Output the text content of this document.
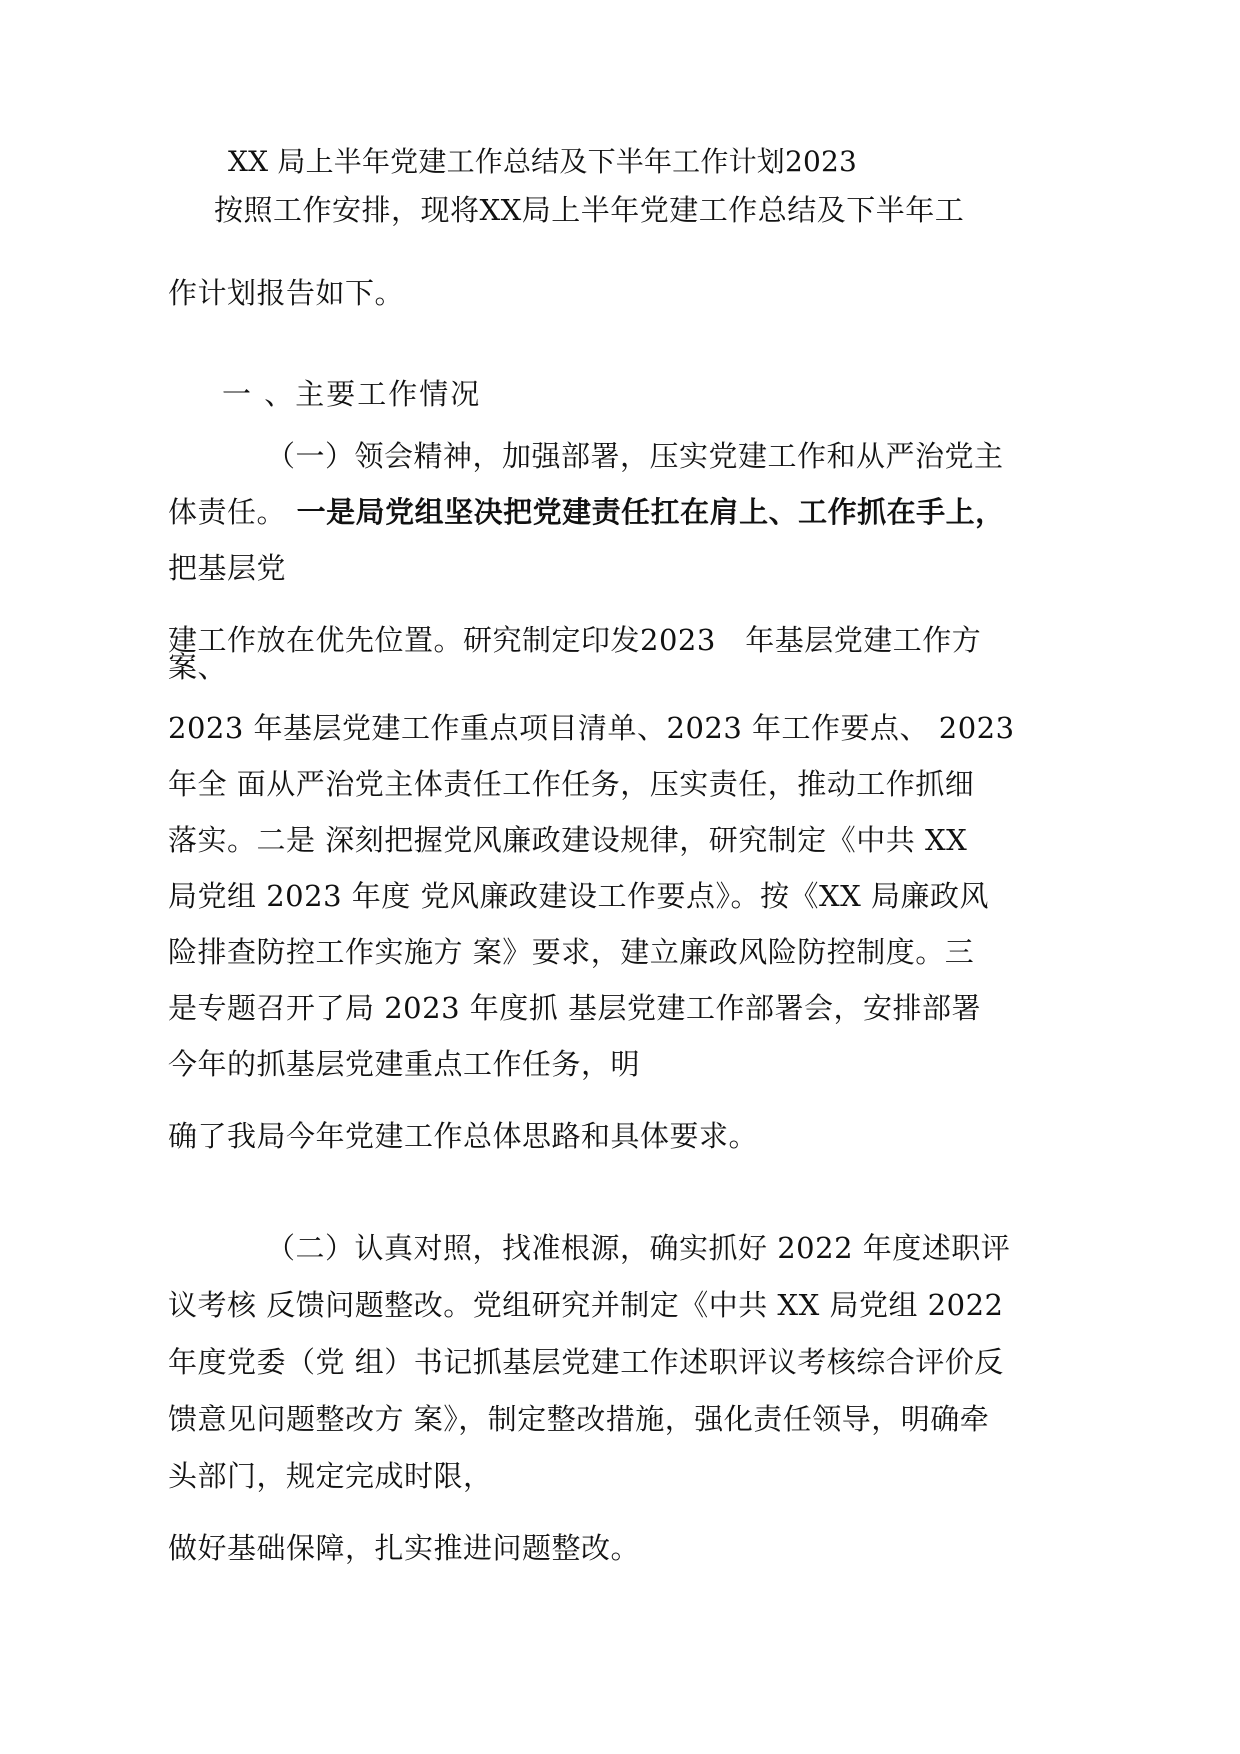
XX 局上半年党建工作总结及下半年工作计划2023
按照工作安排，现将XX局上半年党建工作总结及下半年工
作计划报告如下。
一 、主要工作情况
（一）领会精神，加强部署，压实党建工作和从严治党主
体责任。 一是局党组坚决把党建责任扛在肩上、工作抓在手上，
把基层党
建工作放在优先位置。研究制定印发2023　年基层党建工作方
案、
2023 年基层党建工作重点项目清单、2023 年工作要点、 2023
年全 面从严治党主体责任工作任务，压实责任，推动工作抓细
落实。二是 深刻把握党风廉政建设规律，研究制定《中共 XX
局党组 2023 年度 党风廉政建设工作要点》。按《XX 局廉政风
险排查防控工作实施方 案》要求，建立廉政风险防控制度。三
是专题召开了局 2023 年度抓 基层党建工作部署会，安排部署
今年的抓基层党建重点工作任务，明
确了我局今年党建工作总体思路和具体要求。
（二）认真对照，找准根源，确实抓好 2022 年度述职评
议考核 反馈问题整改。党组研究并制定《中共 XX 局党组 2022
年度党委（党 组）书记抓基层党建工作述职评议考核综合评价反
馈意见问题整改方 案》，制定整改措施，强化责任领导，明确牵
头部门，规定完成时限，
做好基础保障，扎实推进问题整改。
